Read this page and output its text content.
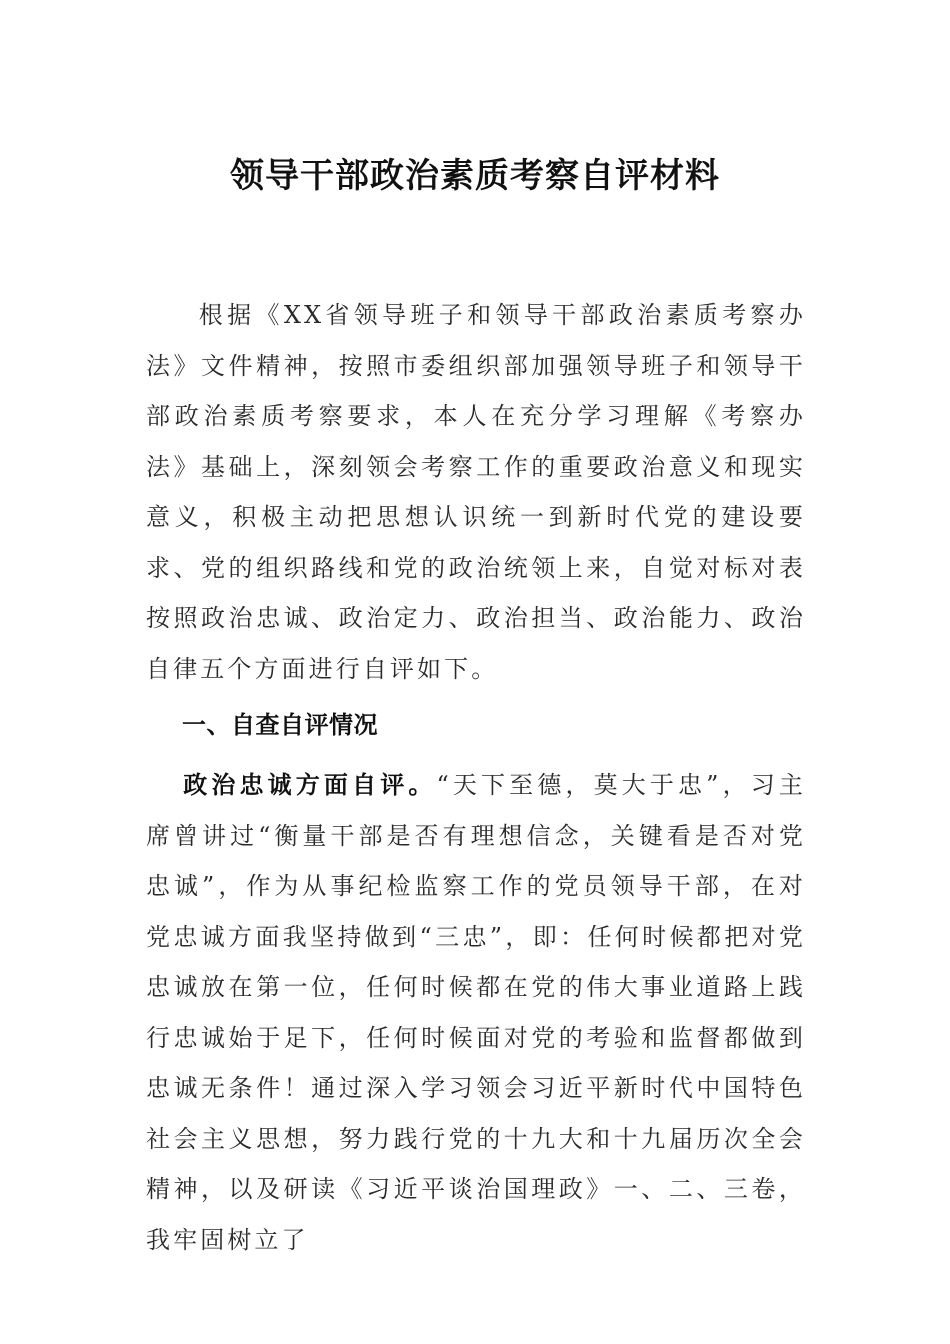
领导干部政治素质考察自评材料

根据《XX省领导班子和领导干部政治素质考察办法》文件精神，按照市委组织部加强领导班子和领导干部政治素质考察要求，本人在充分学习理解《考察办法》基础上，深刻领会考察工作的重要政治意义和现实意义，积极主动把思想认识统一到新时代党的建设要求、党的组织路线和党的政治统领上来，自觉对标对表按照政治忠诚、政治定力、政治担当、政治能力、政治自律五个方面进行自评如下。

一、自查自评情况

政治忠诚方面自评。“天下至德，莫大于忠”，习主席曾讲过“衡量干部是否有理想信念，关键看是否对党忠诚”，作为从事纪检监察工作的党员领导干部，在对党忠诚方面我坚持做到“三忠”，即：任何时候都把对党忠诚放在第一位，任何时候都在党的伟大事业道路上践行忠诚始于足下，任何时候面对党的考验和监督都做到忠诚无条件！通过深入学习领会习近平新时代中国特色社会主义思想，努力践行党的十九大和十九届历次全会精神，以及研读《习近平谈治国理政》一、二、三卷，我牢固树立了
